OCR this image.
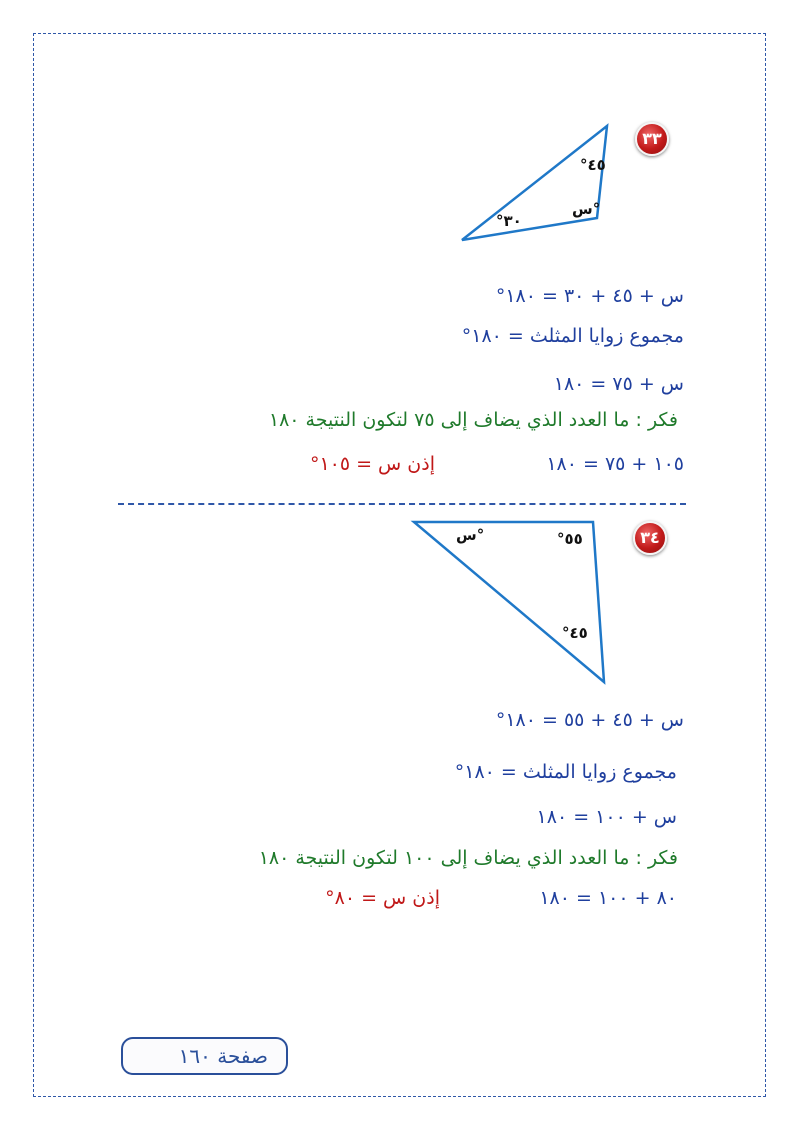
٣٣
٤٥°
°س
٣٠°
س + ٤٥ + ٣٠ = ١٨٠°
مجموع زوايا المثلث = ١٨٠°
س + ٧٥ = ١٨٠
فكر : ما العدد الذي يضاف إلى ٧٥ لتكون النتيجة ١٨٠
١٠٥ + ٧٥ = ١٨٠
إذن س = ١٠٥°
٣٤
°س	٥٥°
٤٥°
س + ٤٥ + ٥٥ = ١٨٠°
مجموع زوايا المثلث = ١٨٠°
س + ١٠٠ = ١٨٠
فكر : ما العدد الذي يضاف إلى ١٠٠ لتكون النتيجة ١٨٠
٨٠ + ١٠٠ = ١٨٠
إذن س = ٨٠°
صفحة ١٦٠
